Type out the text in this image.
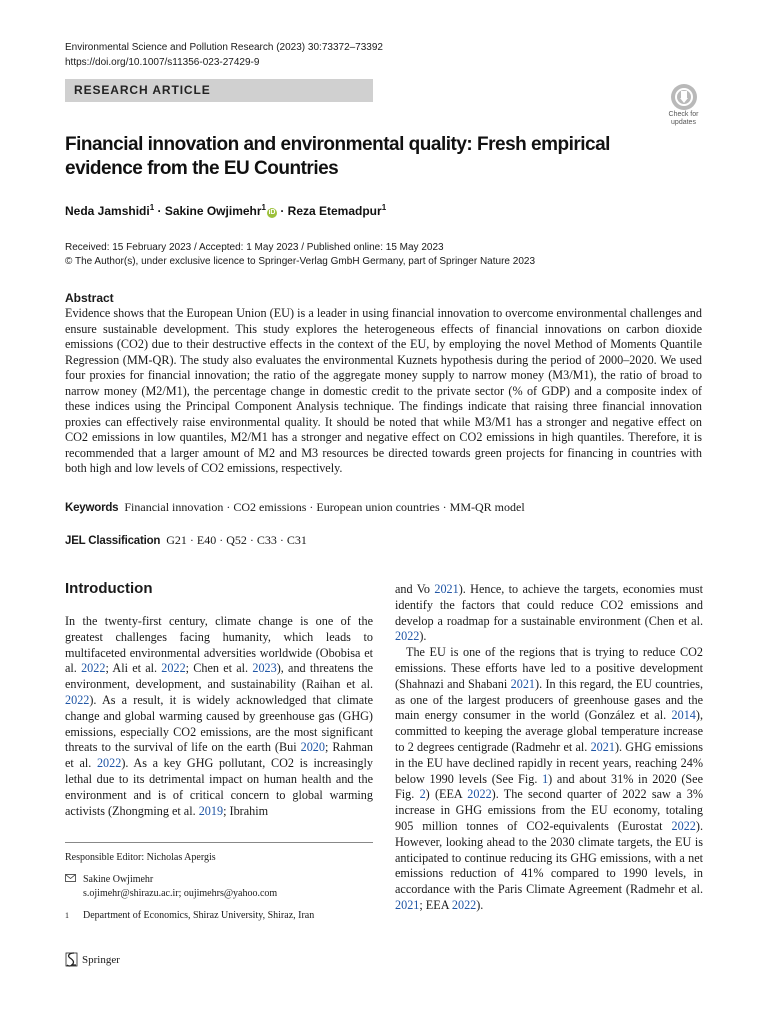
Environmental Science and Pollution Research (2023) 30:73372–73392
https://doi.org/10.1007/s11356-023-27429-9
RESEARCH ARTICLE
Check for
updates
Financial innovation and environmental quality: Fresh empirical evidence from the EU Countries
Neda Jamshidi$^1$ · Sakine Owjimehr$^1$iD · Reza Etemadpur$^1$
Received: 15 February 2023 / Accepted: 1 May 2023 / Published online: 15 May 2023
© The Author(s), under exclusive licence to Springer-Verlag GmbH Germany, part of Springer Nature 2023
Abstract
Evidence shows that the European Union (EU) is a leader in using financial innovation to overcome environmental challenges and ensure sustainable development. This study explores the heterogeneous effects of financial innovations on carbon dioxide emissions (CO2) due to their destructive effects in the context of the EU, by employing the novel Method of Moments Quantile Regression (MM-QR). The study also evaluates the environmental Kuznets hypothesis during the period of 2000–2020. We used four proxies for financial innovation; the ratio of the aggregate money supply to narrow money (M3/M1), the ratio of broad to narrow money (M2/M1), the percentage change in domestic credit to the private sector (% of GDP) and a composite index of these indices using the Principal Component Analysis technique. The findings indicate that raising three financial innovation proxies can effectively raise environmental quality. It should be noted that while M3/M1 has a stronger and negative effect on CO2 emissions in low quantiles, M2/M1 has a stronger and negative effect on CO2 emissions in high quantiles. Therefore, it is recommended that a larger amount of M2 and M3 resources be directed towards green projects for financing in countries with both high and low levels of CO2 emissions, respectively.
Keywords Financial innovation · CO2 emissions · European union countries · MM-QR model
JEL Classification G21 · E40 · Q52 · C33 · C31
Introduction

In the twenty-first century, climate change is one of the greatest challenges facing humanity, which leads to multifaceted environmental adversities worldwide (Obobisa et al. 2022; Ali et al. 2022; Chen et al. 2023), and threatens the environment, development, and sustainability (Raihan et al. 2022). As a result, it is widely acknowledged that climate change and global warming caused by greenhouse gas (GHG) emissions, especially CO2 emissions, are the most significant threats to the survival of life on the earth (Bui 2020; Rahman et al. 2022). As a key GHG pollutant, CO2 is increasingly lethal due to its detrimental impact on human health and the environment and is of critical concern to global warming activists (Zhongming et al. 2019; Ibrahim

and Vo 2021). Hence, to achieve the targets, economies must identify the factors that could reduce CO2 emissions and develop a roadmap for a sustainable environment (Chen et al. 2022).

The EU is one of the regions that is trying to reduce CO2 emissions. These efforts have led to a positive development (Shahnazi and Shabani 2021). In this regard, the EU countries, as one of the largest producers of greenhouse gases and the main energy consumer in the world (González et al. 2014), committed to keeping the average global temperature increase to 2 degrees centigrade (Radmehr et al. 2021). GHG emissions in the EU have declined rapidly in recent years, reaching 24% below 1990 levels (See Fig. 1) and about 31% in 2020 (See Fig. 2) (EEA 2022). The second quarter of 2022 saw a 3% increase in GHG emissions from the EU economy, totaling 905 million tonnes of CO2-equivalents (Eurostat 2022). However, looking ahead to the 2030 climate targets, the EU is anticipated to continue reducing its GHG emissions, with a net emissions reduction of 41% compared to 1990 levels, in accordance with the Paris Climate Agreement (Radmehr et al. 2021; EEA 2022).

Responsible Editor: Nicholas Apergis
Sakine Owjimehr
s.ojimehr@shirazu.ac.ir; oujimehrs@yahoo.com
1 Department of Economics, Shiraz University, Shiraz, Iran
Springer
